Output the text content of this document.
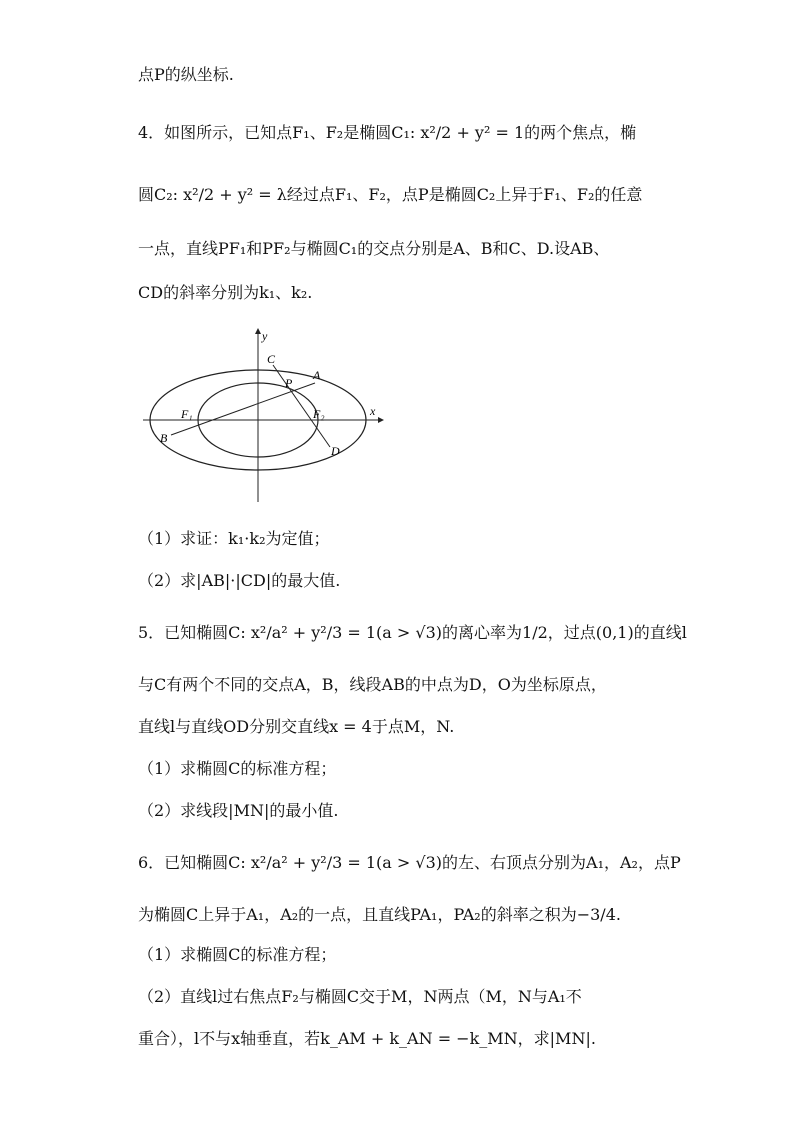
点P的纵坐标.
4．如图所示，已知点F₁、F₂是椭圆C₁: x²/2 + y² = 1的两个焦点，椭
圆C₂: x²/2 + y² = λ经过点F₁、F₂，点P是椭圆C₂上异于F₁、F₂的任意
一点，直线PF₁和PF₂与椭圆C₁的交点分别是A、B和C、D.设AB、
CD的斜率分别为k₁、k₂.
y
x
C
P
A
F₁	F₂
B
D
（1）求证：k₁·k₂为定值；
（2）求|AB|·|CD|的最大值.
5．已知椭圆C: x²/a² + y²/3 = 1(a > √3)的离心率为1/2，过点(0,1)的直线l
与C有两个不同的交点A，B，线段AB的中点为D，O为坐标原点，
直线l与直线OD分别交直线x = 4于点M，N.
（1）求椭圆C的标准方程；
（2）求线段|MN|的最小值.
6．已知椭圆C: x²/a² + y²/3 = 1(a > √3)的左、右顶点分别为A₁，A₂，点P
为椭圆C上异于A₁，A₂的一点，且直线PA₁，PA₂的斜率之积为−3/4.
（1）求椭圆C的标准方程；
（2）直线l过右焦点F₂与椭圆C交于M，N两点（M，N与A₁不
重合），l不与x轴垂直，若k_AM + k_AN = −k_MN，求|MN|.
